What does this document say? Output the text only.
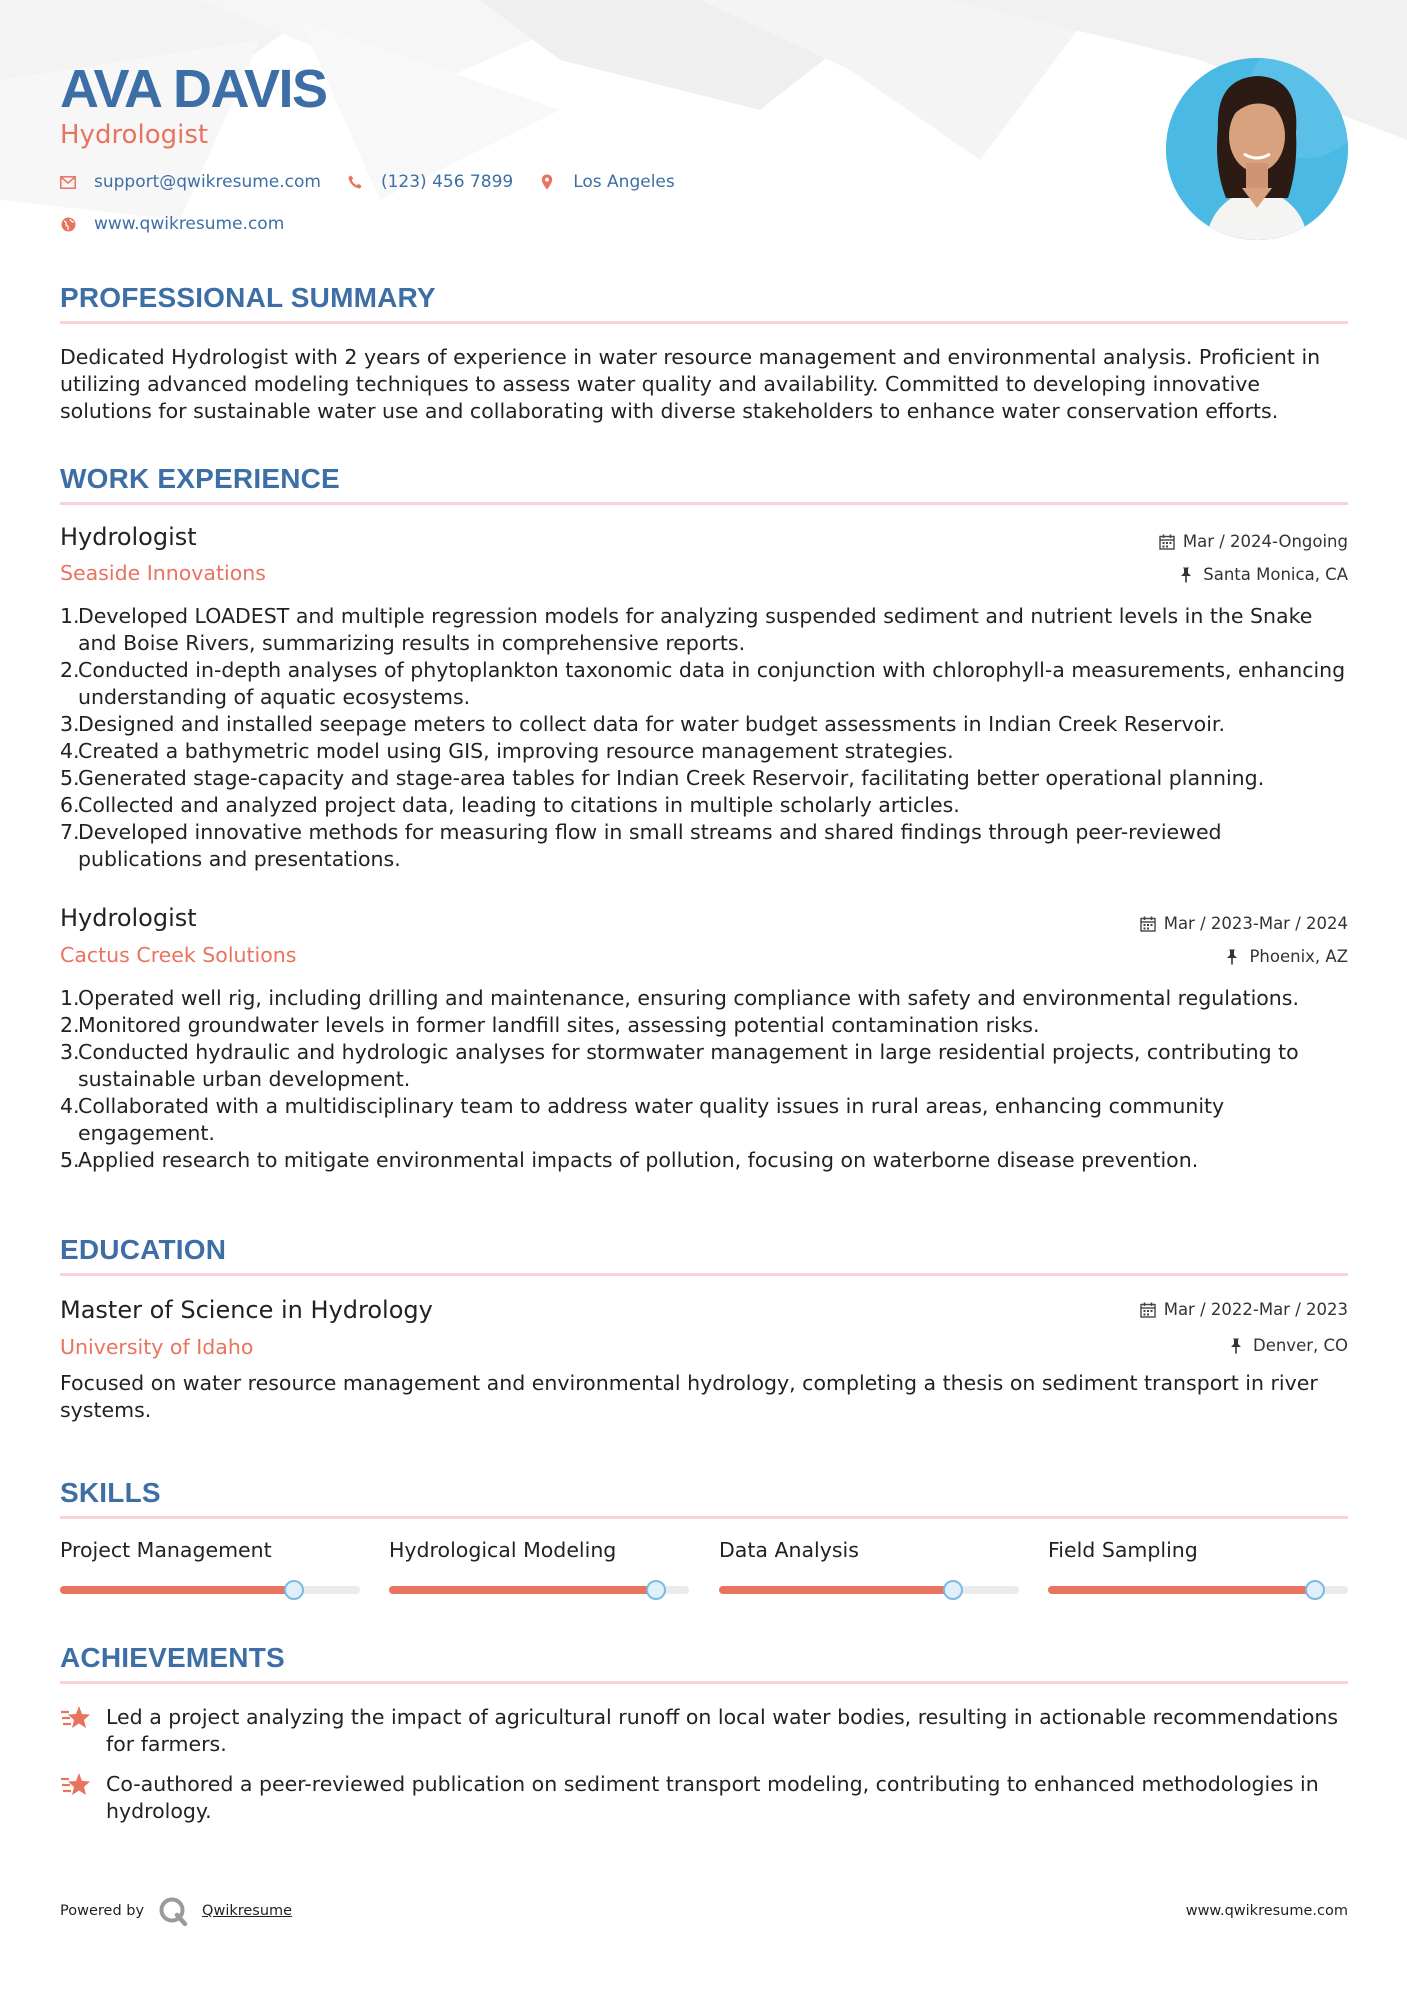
AVA DAVIS
Hydrologist
support@qwikresume.com	(123) 456 7899	Los Angeles
www.qwikresume.com
PROFESSIONAL SUMMARY
Dedicated Hydrologist with 2 years of experience in water resource management and environmental analysis. Proficient in utilizing advanced modeling techniques to assess water quality and availability. Committed to developing innovative solutions for sustainable water use and collaborating with diverse stakeholders to enhance water conservation efforts.
WORK EXPERIENCE
Hydrologist
Seaside Innovations
Mar / 2024-Ongoing
Santa Monica, CA
1.
Developed LOADEST and multiple regression models for analyzing suspended sediment and nutrient levels in the Snake and Boise Rivers, summarizing results in comprehensive reports.
2.
Conducted in-depth analyses of phytoplankton taxonomic data in conjunction with chlorophyll-a measurements, enhancing understanding of aquatic ecosystems.
3.
Designed and installed seepage meters to collect data for water budget assessments in Indian Creek Reservoir.
4.
Created a bathymetric model using GIS, improving resource management strategies.
5.
Generated stage-capacity and stage-area tables for Indian Creek Reservoir, facilitating better operational planning.
6.
Collected and analyzed project data, leading to citations in multiple scholarly articles.
7.
Developed innovative methods for measuring flow in small streams and shared findings through peer-reviewed publications and presentations.
Hydrologist
Cactus Creek Solutions
Mar / 2023-Mar / 2024
Phoenix, AZ
1.
Operated well rig, including drilling and maintenance, ensuring compliance with safety and environmental regulations.
2.
Monitored groundwater levels in former landfill sites, assessing potential contamination risks.
3.
Conducted hydraulic and hydrologic analyses for stormwater management in large residential projects, contributing to sustainable urban development.
4.
Collaborated with a multidisciplinary team to address water quality issues in rural areas, enhancing community engagement.
5.
Applied research to mitigate environmental impacts of pollution, focusing on waterborne disease prevention.
EDUCATION
Master of Science in Hydrology
University of Idaho
Mar / 2022-Mar / 2023
Denver, CO
Focused on water resource management and environmental hydrology, completing a thesis on sediment transport in river systems.
SKILLS
Project Management	Hydrological Modeling	Data Analysis	Field Sampling
ACHIEVEMENTS
Led a project analyzing the impact of agricultural runoff on local water bodies, resulting in actionable recommendations for farmers.
Co-authored a peer-reviewed publication on sediment transport modeling, contributing to enhanced methodologies in hydrology.
Powered by	Qwikresume	www.qwikresume.com
